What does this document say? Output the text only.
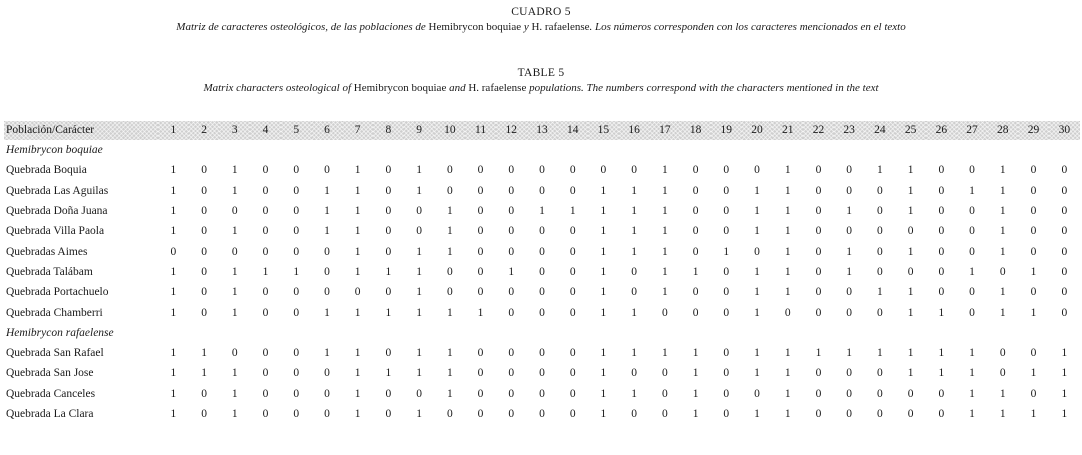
CUADRO 5
Matriz de caracteres osteológicos, de las poblaciones de Hemibrycon boquiae y H. rafaelense. Los números corresponden con los caracteres mencionados en el texto
TABLE 5
Matrix characters osteological of Hemibrycon boquiae and H. rafaelense populations. The numbers correspond with the characters mentioned in the text
Población/Carácter	1	2	3	4	5	6	7	8	9	10	11	12	13	14	15	16	17	18	19	20	21	22	23	24	25	26	27	28	29	30
Hemibrycon boquiae																														
Quebrada Boquia	1	0	1	0	0	0	1	0	1	0	0	0	0	0	0	0	1	0	0	0	1	0	0	1	1	0	0	1	0	0
Quebrada Las Aguilas	1	0	1	0	0	1	1	0	1	0	0	0	0	0	1	1	1	0	0	1	1	0	0	0	1	0	1	1	0	0
Quebrada Doña Juana	1	0	0	0	0	1	1	0	0	1	0	0	1	1	1	1	1	0	0	1	1	0	1	0	1	0	0	1	0	0
Quebrada Villa Paola	1	0	1	0	0	1	1	0	0	1	0	0	0	0	1	1	1	0	0	1	1	0	0	0	0	0	0	1	0	0
Quebradas Aimes	0	0	0	0	0	0	1	0	1	1	0	0	0	0	1	1	1	0	1	0	1	0	1	0	1	0	0	1	0	0
Quebrada Talábam	1	0	1	1	1	0	1	1	1	0	0	1	0	0	1	0	1	1	0	1	1	0	1	0	0	0	1	0	1	0
Quebrada Portachuelo	1	0	1	0	0	0	0	0	1	0	0	0	0	0	1	0	1	0	0	1	1	0	0	1	1	0	0	1	0	0
Quebrada Chamberri	1	0	1	0	0	1	1	1	1	1	1	0	0	0	1	1	0	0	0	1	0	0	0	0	1	1	0	1	1	0
Hemibrycon rafaelense																														
Quebrada San Rafael	1	1	0	0	0	1	1	0	1	1	0	0	0	0	1	1	1	1	0	1	1	1	1	1	1	1	1	0	0	1
Quebrada San Jose	1	1	1	0	0	0	1	1	1	1	0	0	0	0	1	0	0	1	0	1	1	0	0	0	1	1	1	0	1	1
Quebrada Canceles	1	0	1	0	0	0	1	0	0	1	0	0	0	0	1	1	0	1	0	0	1	0	0	0	0	0	1	1	0	1
Quebrada La Clara	1	0	1	0	0	0	1	0	1	0	0	0	0	0	1	0	0	1	0	1	1	0	0	0	0	0	1	1	1	1
